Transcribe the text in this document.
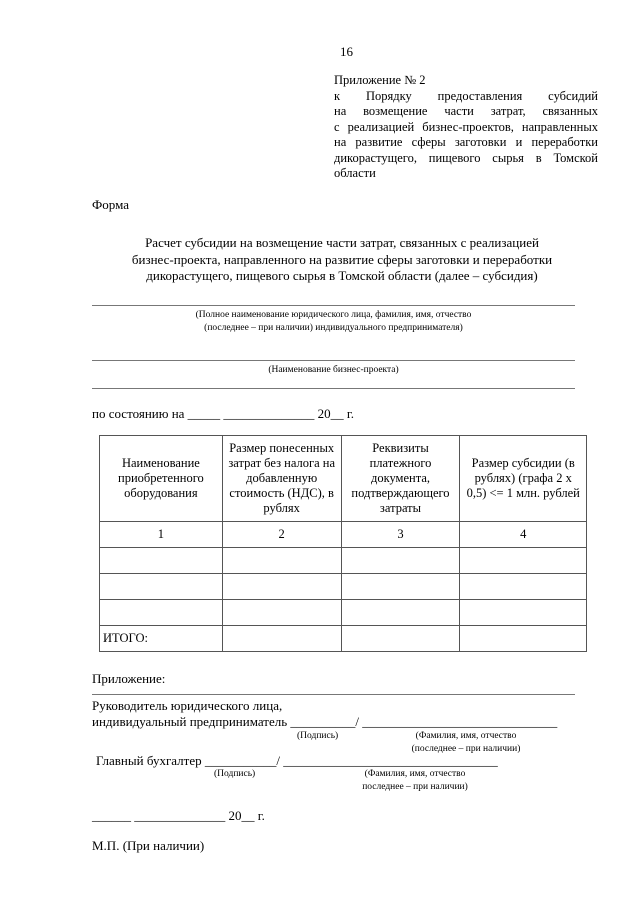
16
Приложение № 2
к Порядку предоставления субсидий
на возмещение части затрат, связанных
с реализацией бизнес-проектов, направленных
на развитие сферы заготовки и переработки
дикорастущего, пищевого сырья в Томской
области
Форма
Расчет субсидии на возмещение части затрат, связанных с реализацией
бизнес-проекта, направленного на развитие сферы заготовки и переработки
дикорастущего, пищевого сырья в Томской области (далее – субсидия)
(Полное наименование юридического лица, фамилия, имя, отчество
(последнее – при наличии) индивидуального предпринимателя)
(Наименование бизнес-проекта)
по состоянию на _____ ______________ 20__ г.
Наименование приобретенного оборудования	Размер понесенных затрат без налога на добавленную стоимость (НДС), в рублях	Реквизиты платежного документа, подтверждающего затраты	Размер субсидии (в рублях) (графа 2 x 0,5) <= 1 млн. рублей
1	2	3	4

ИТОГО:			
Приложение:
Руководитель юридического лица,
индивидуальный предприниматель __________/ ______________________________
(Подпись)	(Фамилия, имя, отчество
(последнее – при наличии)
Главный бухгалтер ___________/ _________________________________
(Подпись)	(Фамилия, имя, отчество
последнее – при наличии)
______ ______________ 20__ г.
М.П. (При наличии)
